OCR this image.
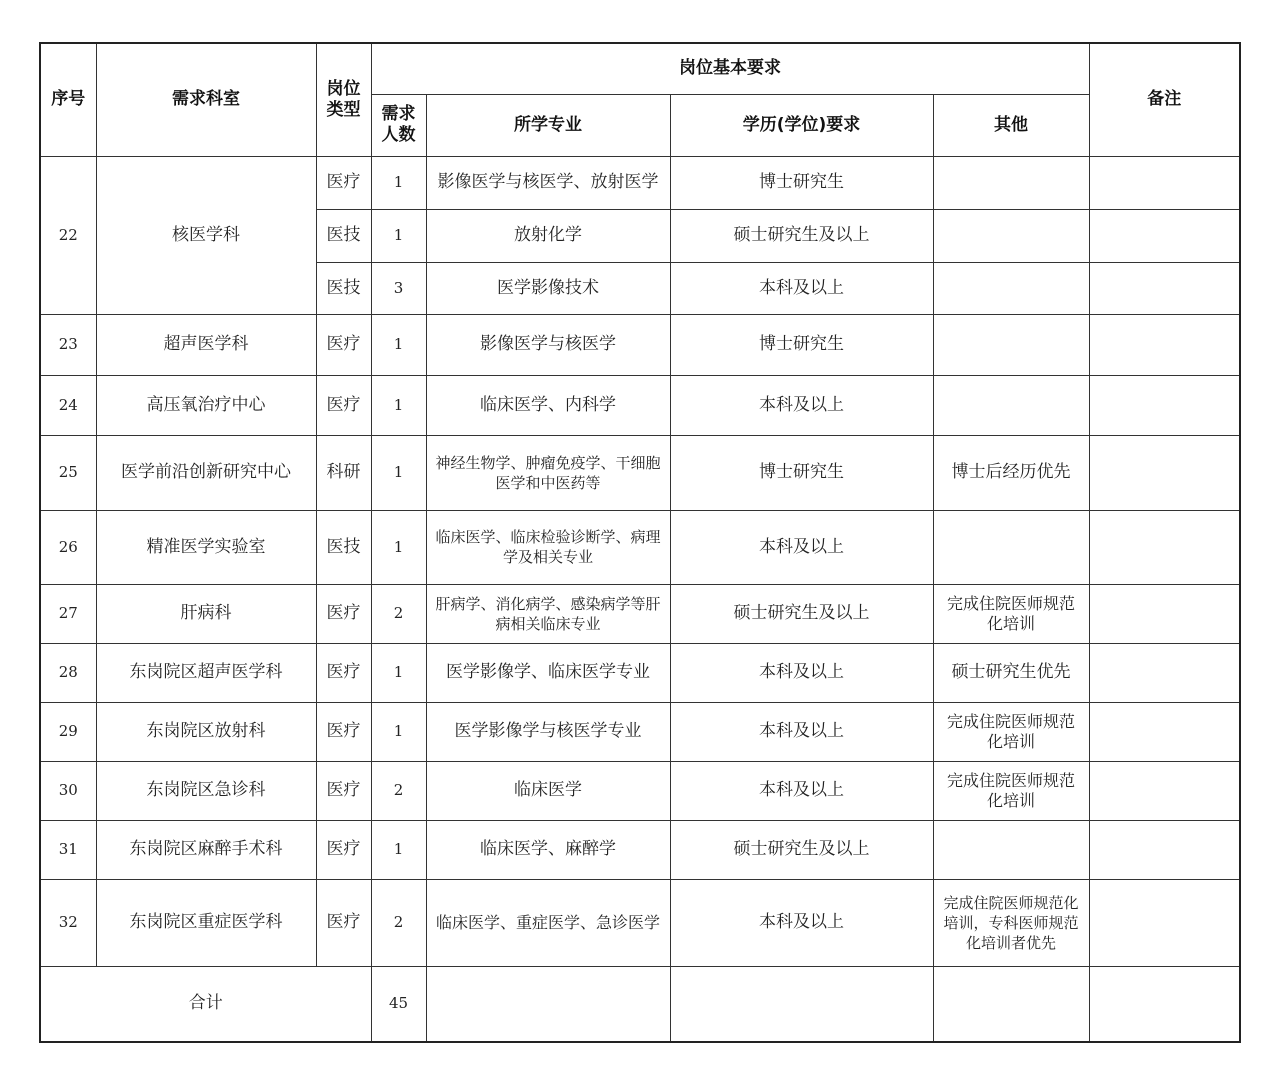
序号	需求科室	岗位类型	岗位基本要求				备注

			需求人数	所学专业	学历(学位)要求	其他	
22	核医学科	医疗	1	影像医学与核医学、放射医学	博士研究生		
		医技	1	放射化学	硕士研究生及以上		
		医技	3	医学影像技术	本科及以上		
23	超声医学科	医疗	1	影像医学与核医学	博士研究生		
24	高压氧治疗中心	医疗	1	临床医学、内科学	本科及以上		
25	医学前沿创新研究中心	科研	1	神经生物学、肿瘤免疫学、干细胞医学和中医药等	博士研究生	博士后经历优先	
26	精准医学实验室	医技	1	临床医学、临床检验诊断学、病理学及相关专业	本科及以上		
27	肝病科	医疗	2	肝病学、消化病学、感染病学等肝病相关临床专业	硕士研究生及以上	完成住院医师规范化培训	
28	东岗院区超声医学科	医疗	1	医学影像学、临床医学专业	本科及以上	硕士研究生优先	
29	东岗院区放射科	医疗	1	医学影像学与核医学专业	本科及以上	完成住院医师规范化培训	
30	东岗院区急诊科	医疗	2	临床医学	本科及以上	完成住院医师规范化培训	
31	东岗院区麻醉手术科	医疗	1	临床医学、麻醉学	硕士研究生及以上		
32	东岗院区重症医学科	医疗	2	临床医学、重症医学、急诊医学	本科及以上	完成住院医师规范化培训，专科医师规范化培训者优先	
合计			45				
